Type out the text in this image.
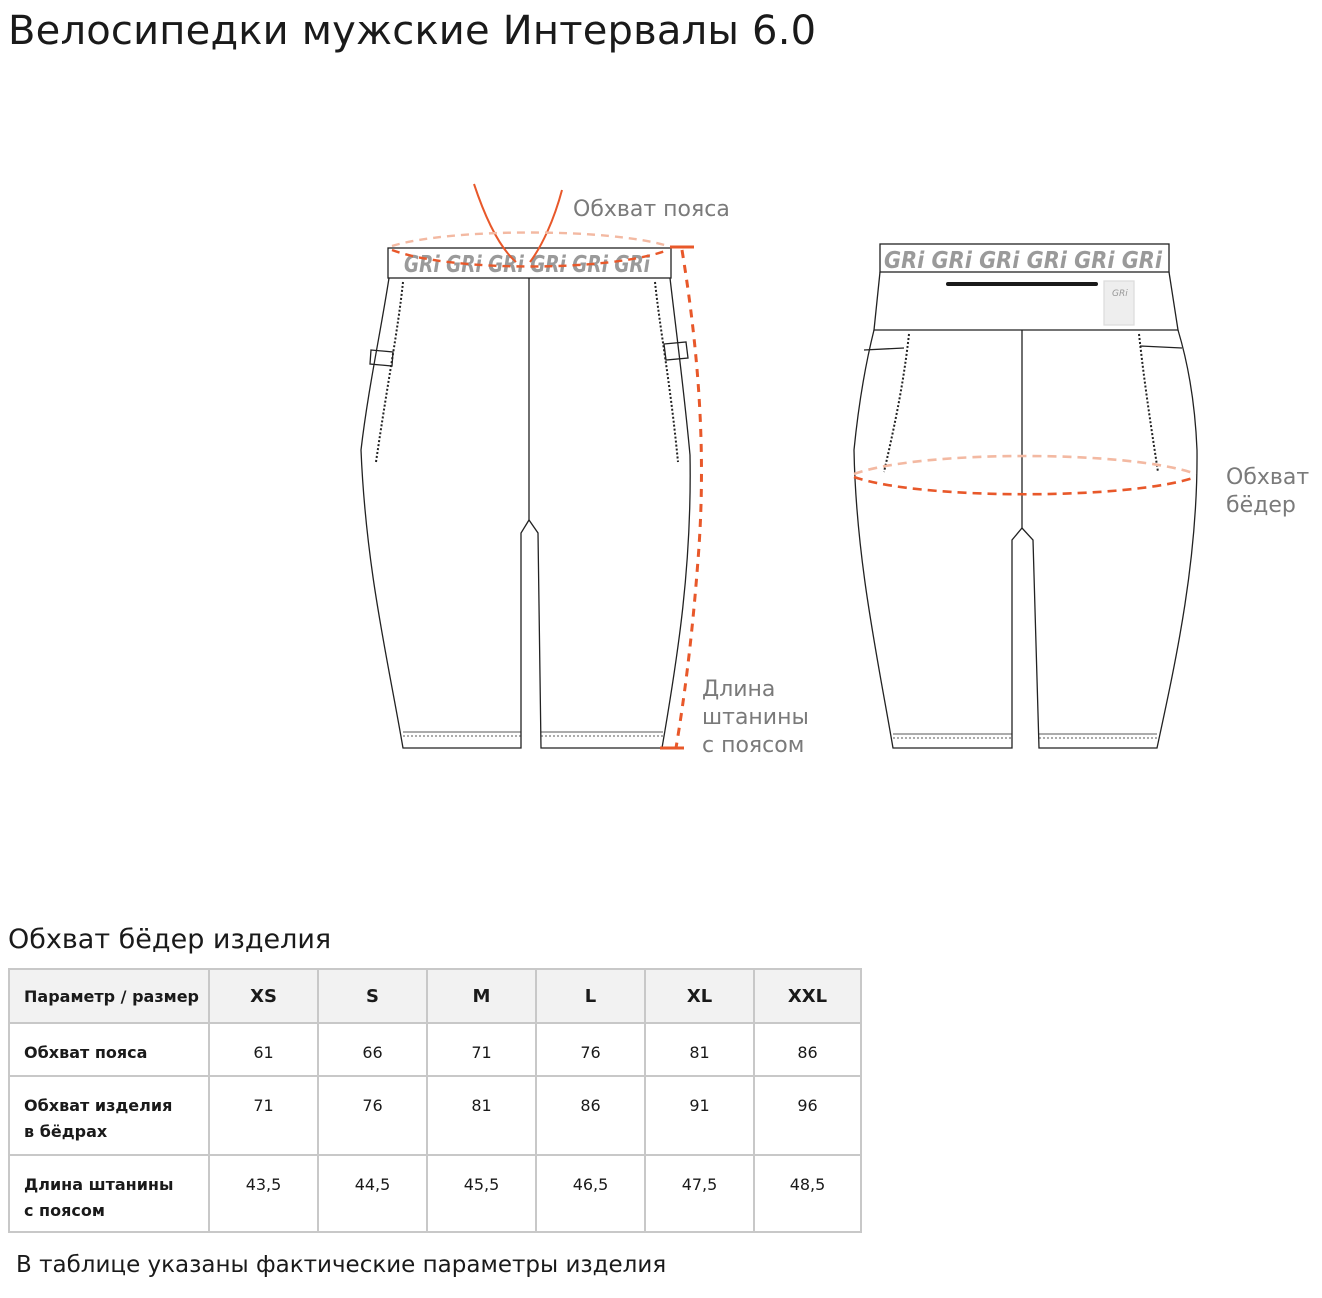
Велосипедки мужские Интервалы 6.0
GRi GRi GRi GRi GRi GRi	GRi GRi GRi GRi GRi GRi
GRi
Обхват пояса
Обхват
бёдер
Длина
штанины
с поясом
Обхват бёдер изделия
Параметр / размер	XS	S	M	L	XL	XXL
Обхват пояса	61	66	71	76	81	86

Обхват изделия
в бёдрах	71	76	81	86	91	96

Длина штанины
с поясом	43,5	44,5	45,5	46,5	47,5	48,5

В таблице указаны фактические параметры изделия
